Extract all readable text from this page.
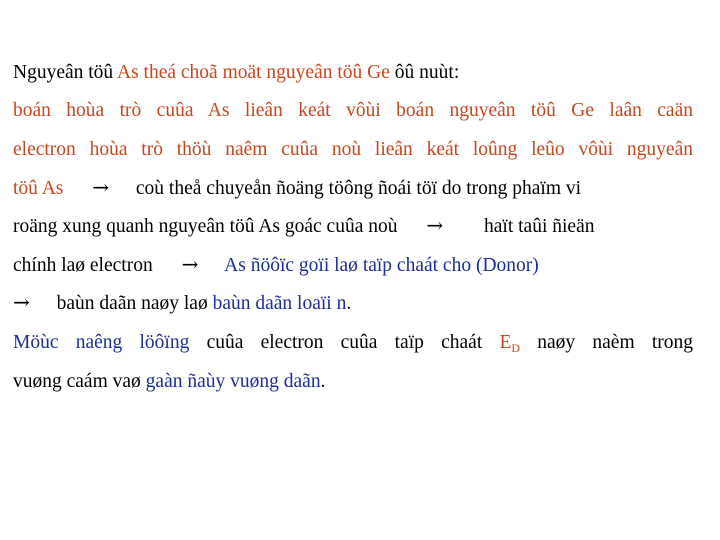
Nguyeân töû As theá choã moät nguyeân töû Ge ôû nuùt:
boán hoùa trò cuûa As lieân keát vôùi boán nguyeân töû Ge laân caän
electron hoùa trò thöù naêm cuûa noù lieân keát loûng leûo vôùi nguyeân
töû As → coù theå chuyeån ñoäng töông ñoái töï do trong phaïm vi
roäng xung quanh nguyeân töû As goác cuûa noù → haït taûi ñieän
chính laø electron → As ñöôïc goïi laø taïp chaát cho (Donor)
→ baùn daãn naøy laø baùn daãn loaïi n.
Möùc naêng löôïng cuûa electron cuûa taïp chaát $E_D$ naøy naèm trong
vuøng caám vaø gaàn ñaùy vuøng daãn.
